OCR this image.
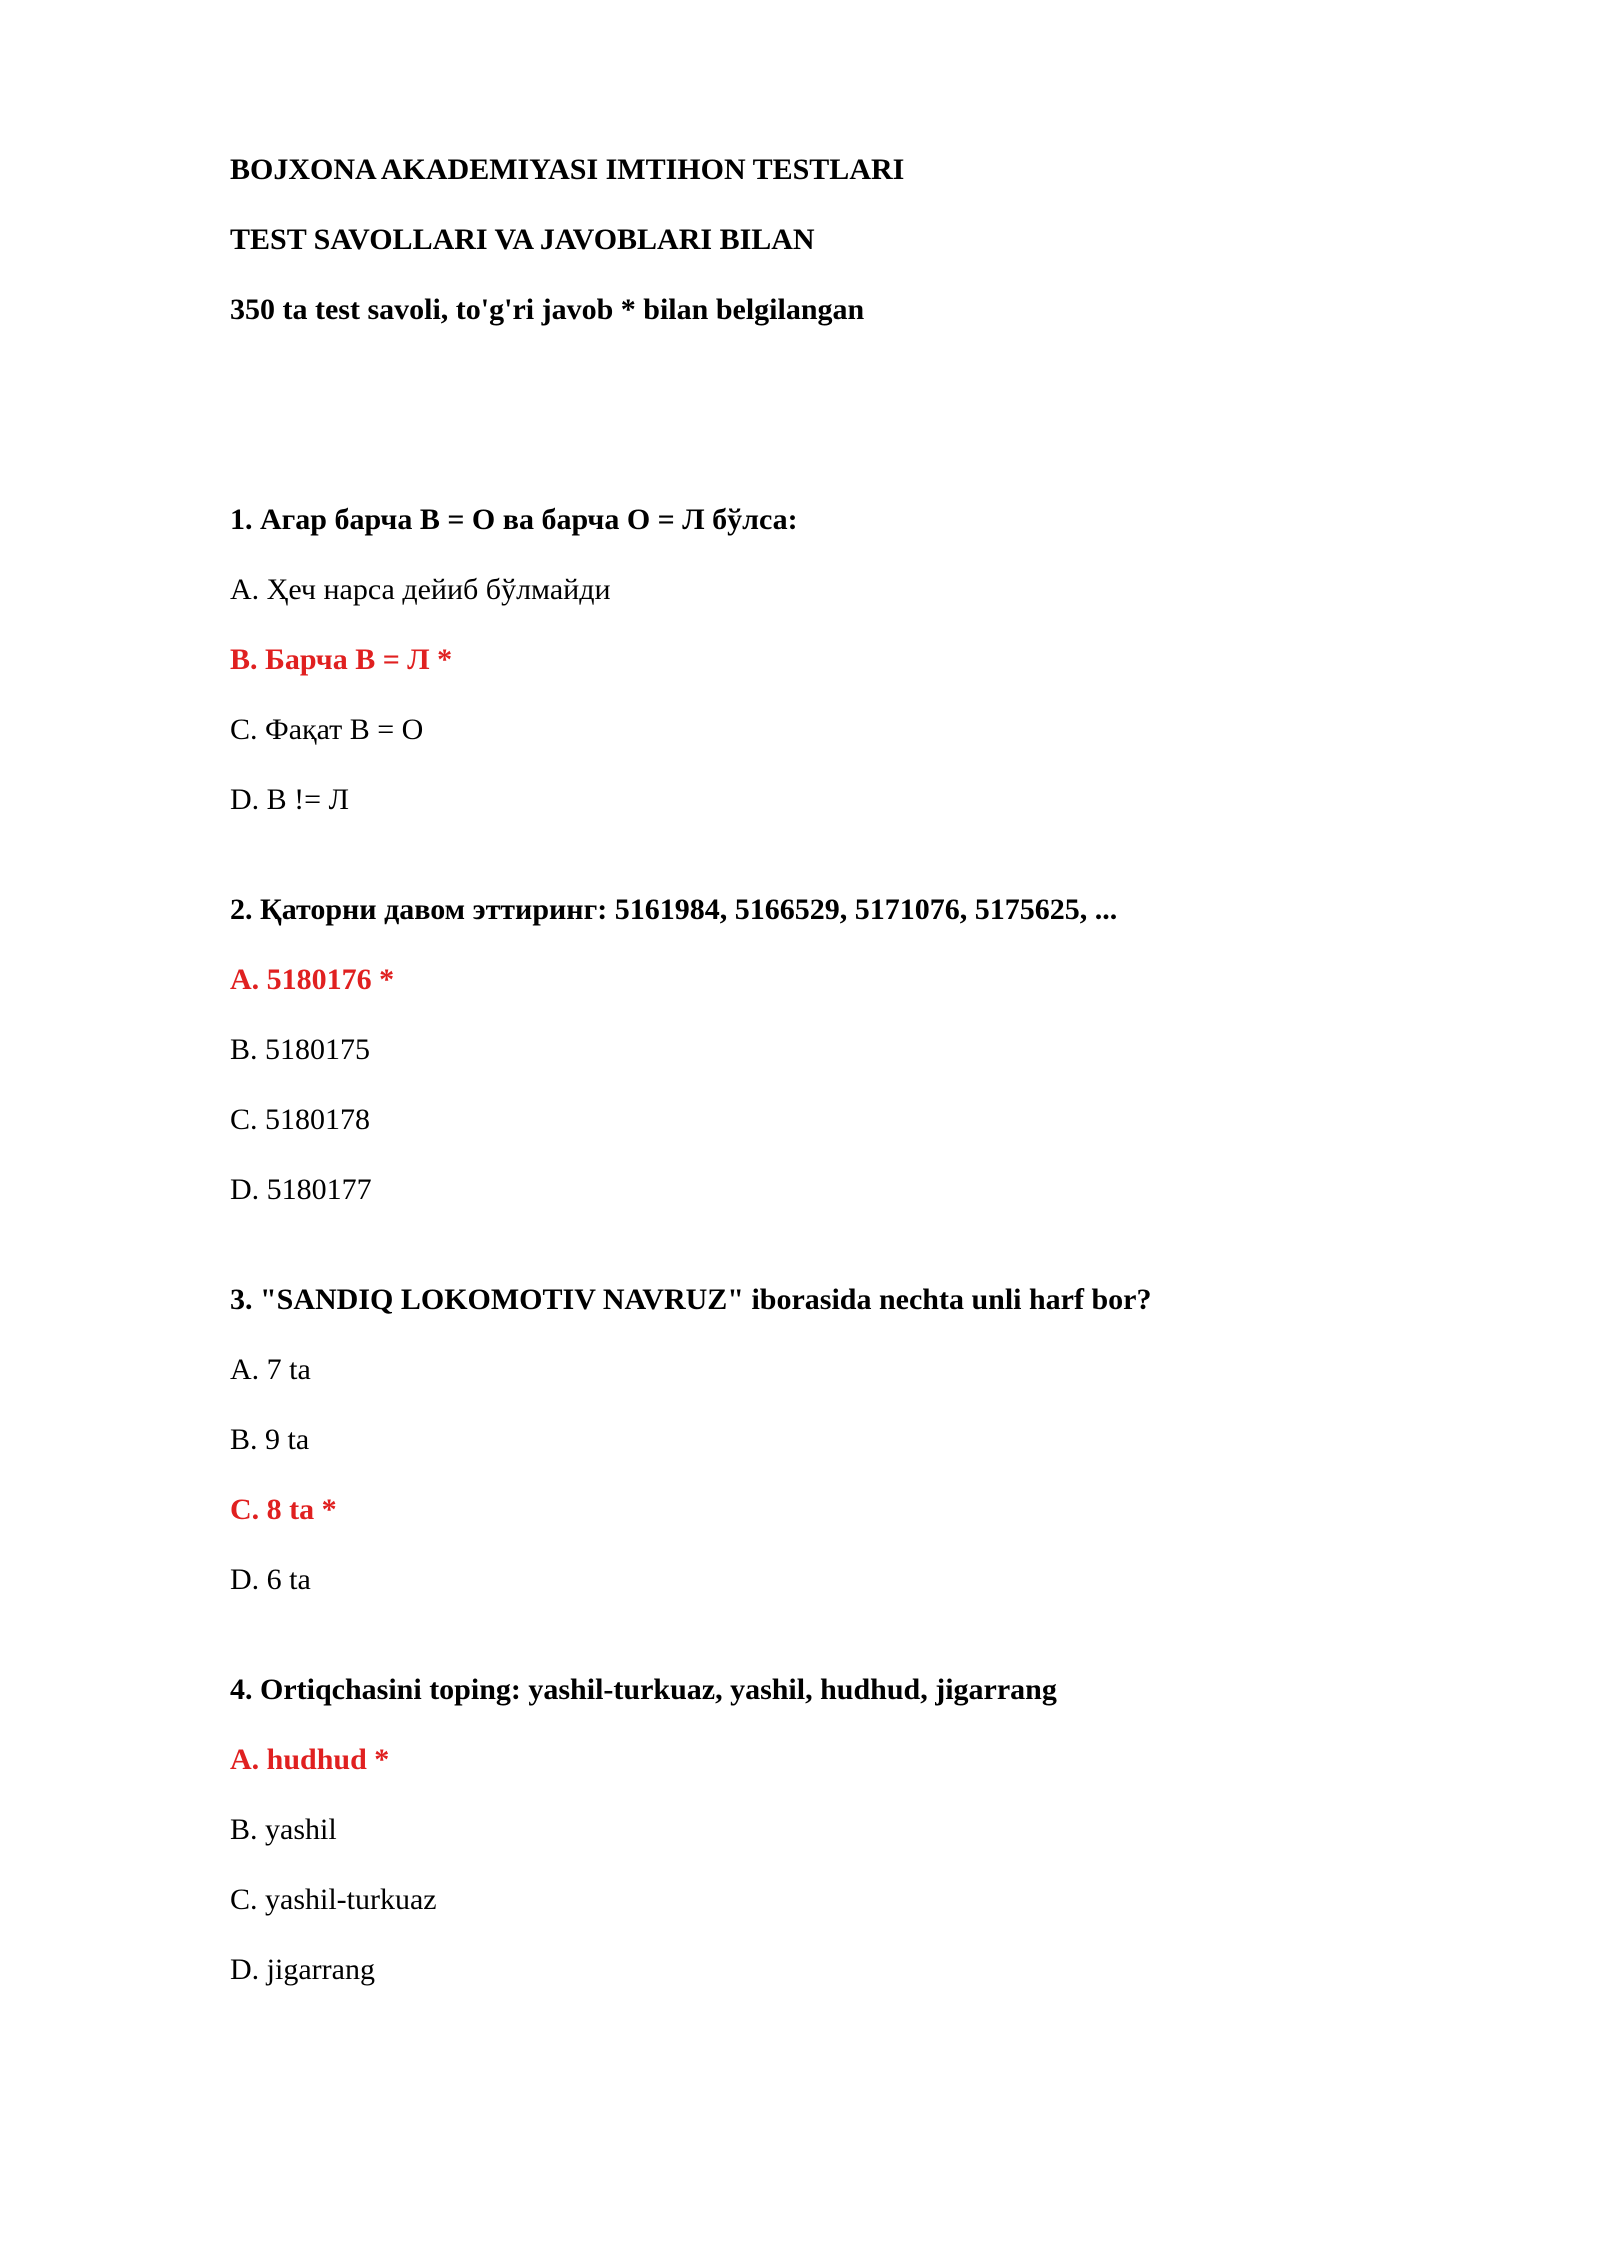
BOJXONA AKADEMIYASI IMTIHON TESTLARI

TEST SAVOLLARI VA JAVOBLARI BILAN

350 ta test savoli, to'g'ri javob * bilan belgilangan

1. Агар барча В = О ва барча О = Л бўлса:

A. Ҳеч нарса дейиб бўлмайди

B. Барча В = Л *

C. Фақат В = О

D. В != Л

2. Қаторни давом эттиринг: 5161984, 5166529, 5171076, 5175625, ...

A. 5180176 *

B. 5180175

C. 5180178

D. 5180177

3. "SANDIQ LOKOMOTIV NAVRUZ" iborasida nechta unli harf bor?

A. 7 ta

B. 9 ta

C. 8 ta *

D. 6 ta

4. Ortiqchasini toping: yashil-turkuaz, yashil, hudhud, jigarrang

A. hudhud *

B. yashil

C. yashil-turkuaz

D. jigarrang
